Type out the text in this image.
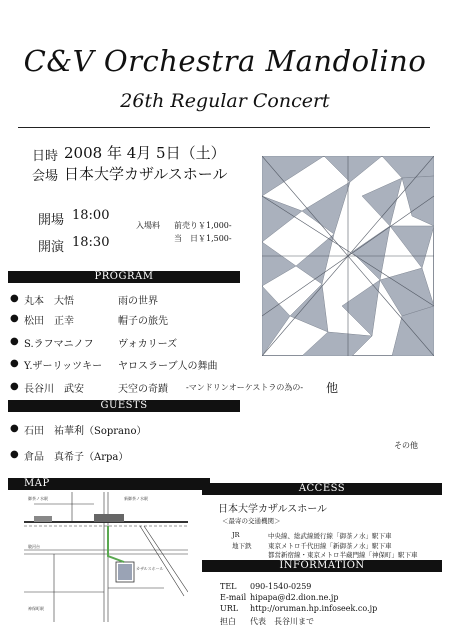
C&V Orchestra Mandolino
26th Regular Concert
日時 2008 年 4月 5日（土）
会場 日本大学カザルスホール
開場 18:00
開演 18:30
入場料 前売り￥1,000-
当　日￥1,500-
PROGRAM
● 丸本　大悟	雨の世界
● 松田　正幸	帽子の旅先
● S.ラフマニノフ ヴォカリーズ
● Y.ザーリッツキー ヤロスラーブ人の舞曲
● 長谷川　武安	天空の奇蹟 -マンドリンオーケストラの為の- 他
GUESTS
● 石田　祐華利（Soprano）
● 倉品　真希子（Arpa）
その他
MAP
御茶ノ水駅	新御茶ノ水駅
駿河台
カザルスホール
神保町駅
ACCESS
日本大学カザルスホール
＜最寄の交通機関＞
JR	中央線、総武線緩行線「御茶ノ水」駅下車
地下鉄	東京メトロ千代田線「新御茶ノ水」駅下車
都営新宿線・東京メトロ半蔵門線「神保町」駅下車
INFORMATION
TEL 090-1540-0259
E-mail hipapa@d2.dion.ne.jp
URL http://oruman.hp.infoseek.co.jp
担白 代表　長谷川まで
